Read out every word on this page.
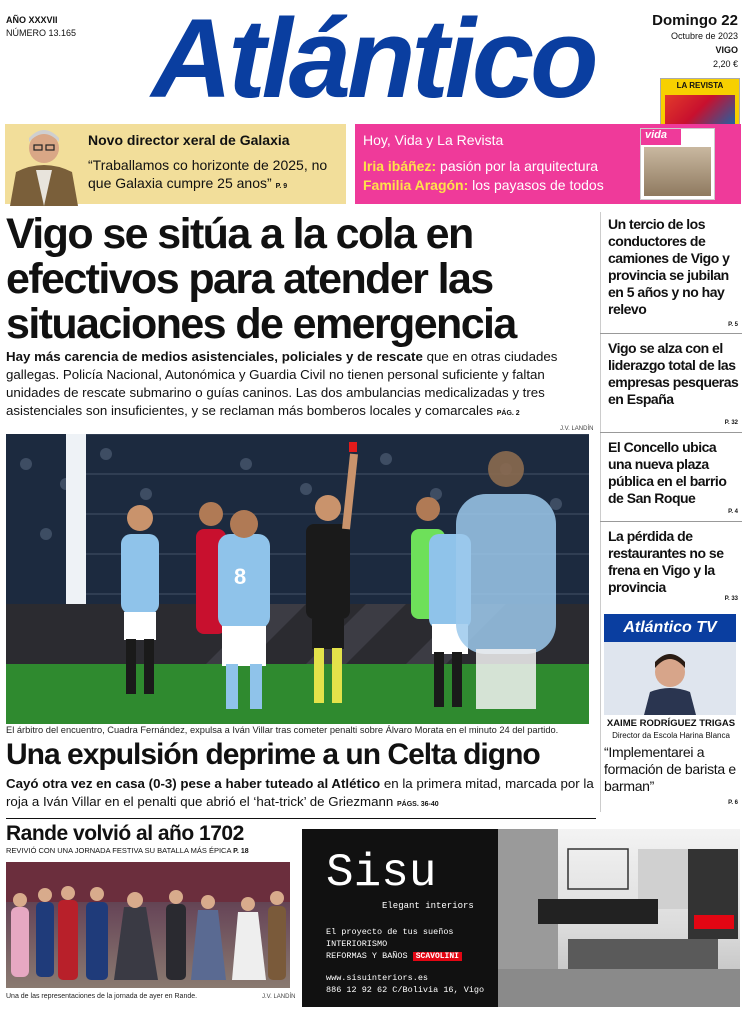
AÑO XXXVII
NÚMERO 13.165 Atlántico	Domingo 22
Octubre de 2023
VIGO
2,20 €
LA REVISTA
Novo director xeral de Galaxia
“Traballamos co horizonte de 2025, no que Galaxia cumpre 25 anos” P. 9
Hoy, Vida y La Revista
Iria ibáñez: pasión por la arquitectura
Familia Aragón: los payasos de todos
vida
Vigo se sitúa a la cola en efectivos para atender las situaciones de emergencia
Hay más carencia de medios asistenciales, policiales y de rescate que en otras ciudades gallegas. Policía Nacional, Autonómica y Guardia Civil no tienen personal suficiente y faltan unidades de rescate submarino o guías caninos. Las dos ambulancias medicalizadas y tres asistenciales son insuficientes, y se reclaman más bomberos locales y comarcales PÁG. 2
J.V. LANDÍN
8
El árbitro del encuentro, Cuadra Fernández, expulsa a Iván Villar tras cometer penalti sobre Álvaro Morata en el minuto 24 del partido.
Una expulsión deprime a un Celta digno
Cayó otra vez en casa (0-3) pese a haber tuteado al Atlético en la primera mitad, marcada por la roja a Iván Villar en el penalti que abrió el ‘hat-trick’ de Griezmann PÁGS. 36-40
Un tercio de los conductores de camiones de Vigo y provincia se jubilan en 5 años y no hay relevo
P. 5
Vigo se alza con el liderazgo total de las empresas pesqueras en España
P. 32
El Concello ubica una nueva plaza pública en el barrio de San Roque
P. 4
La pérdida de restaurantes no se frena en Vigo y la provincia
P. 33
Atlántico TV
XAIME RODRÍGUEZ TRIGAS
Director da Escola Harina Blanca
“Implementarei a formación de barista e barman”
P. 6
Rande volvió al año 1702
REVIVIÓ CON UNA JORNADA FESTIVA SU BATALLA MÁS ÉPICA P. 18
Una de las representaciones de la jornada de ayer en Rande.	J.V. LANDÍN
Sisu
Elegant interiors
El proyecto de tus sueños
INTERIORISMO
REFORMAS Y BAÑOS SCAVOLINI
www.sisuinteriors.es
886 12 92 62 C/Bolivia 16, Vigo
